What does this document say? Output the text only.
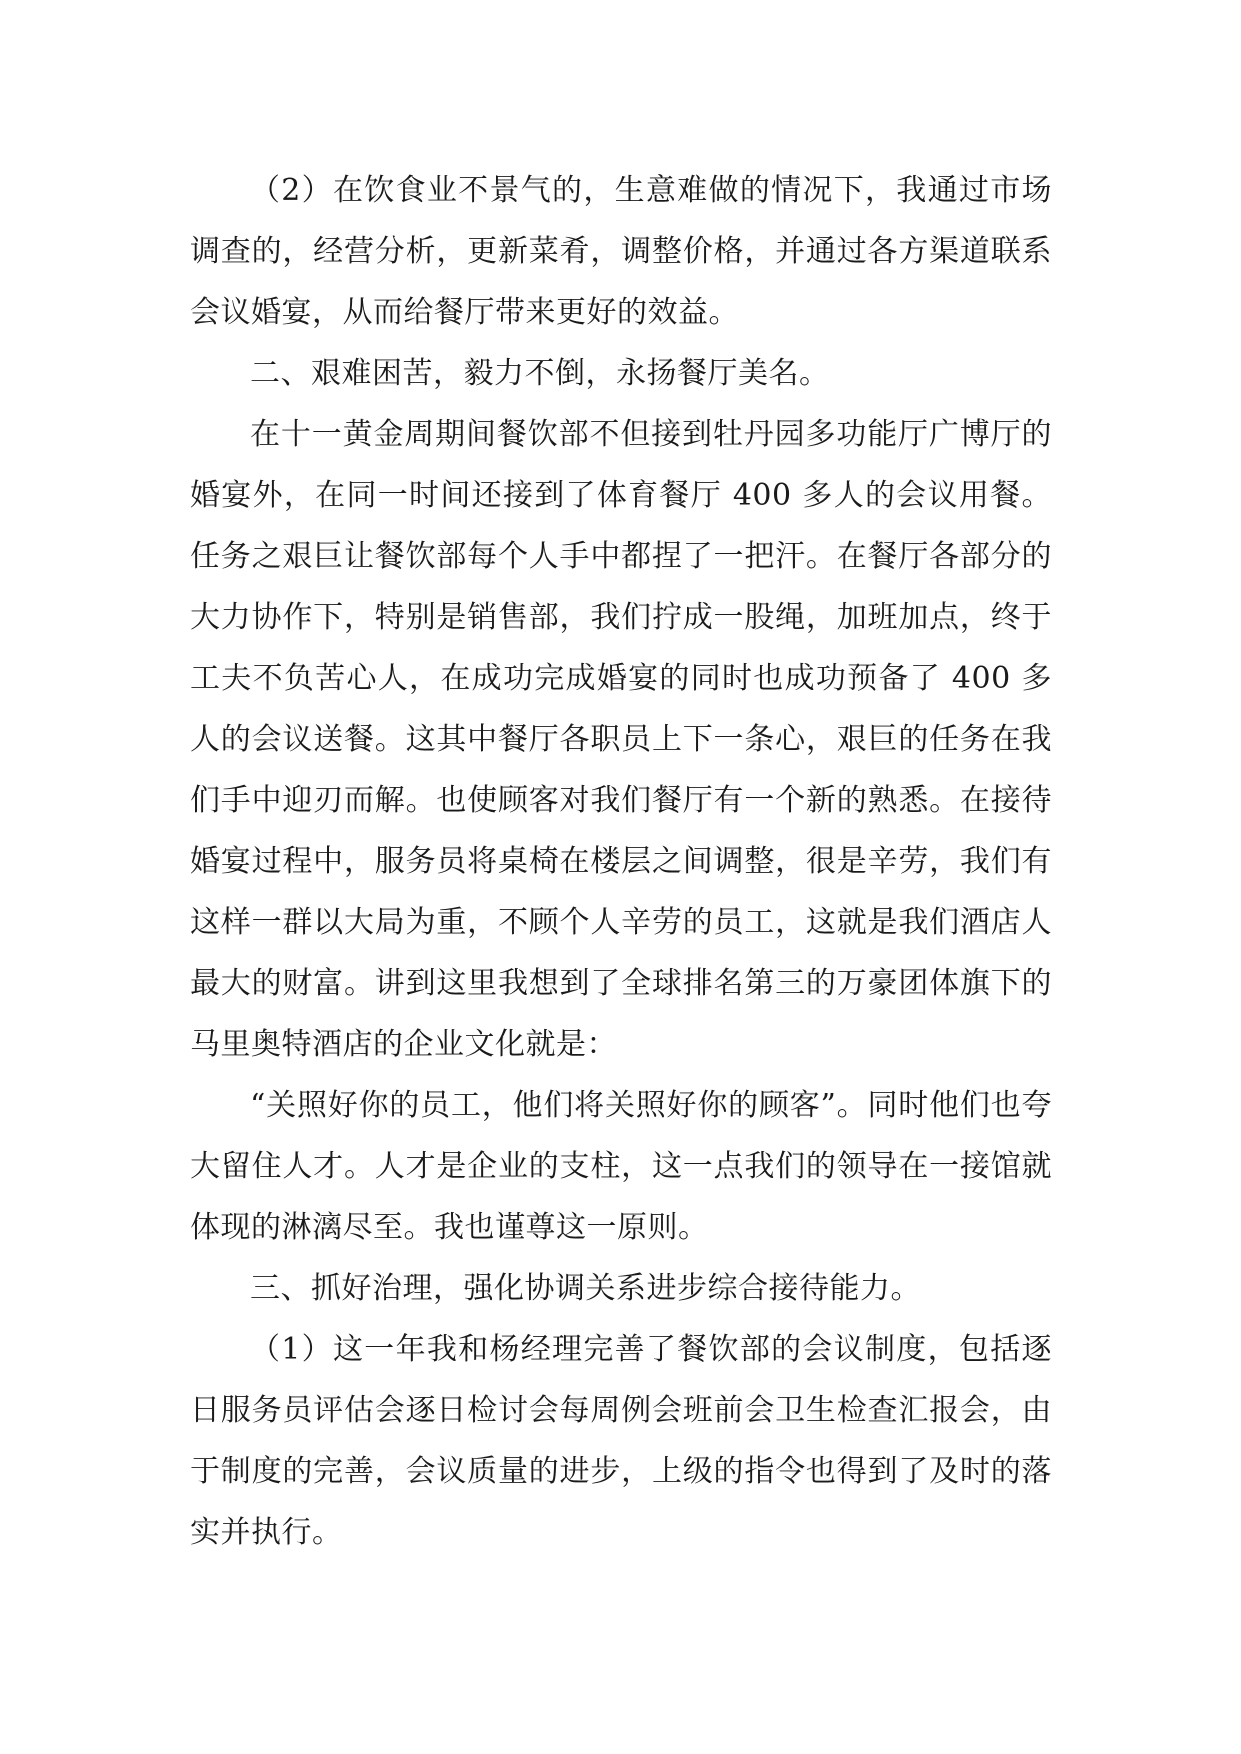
（2）在饮食业不景气的，生意难做的情况下，我通过市场调查的，经营分析，更新菜肴，调整价格，并通过各方渠道联系会议婚宴，从而给餐厅带来更好的效益。

二、艰难困苦，毅力不倒，永扬餐厅美名。

在十一黄金周期间餐饮部不但接到牡丹园多功能厅广博厅的婚宴外，在同一时间还接到了体育餐厅 400 多人的会议用餐。任务之艰巨让餐饮部每个人手中都捏了一把汗。在餐厅各部分的大力协作下，特别是销售部，我们拧成一股绳，加班加点，终于工夫不负苦心人，在成功完成婚宴的同时也成功预备了 400 多人的会议送餐。这其中餐厅各职员上下一条心，艰巨的任务在我们手中迎刃而解。也使顾客对我们餐厅有一个新的熟悉。在接待婚宴过程中，服务员将桌椅在楼层之间调整，很是辛劳，我们有这样一群以大局为重，不顾个人辛劳的员工，这就是我们酒店人最大的财富。讲到这里我想到了全球排名第三的万豪团体旗下的马里奥特酒店的企业文化就是：

“关照好你的员工，他们将关照好你的顾客”。同时他们也夸大留住人才。人才是企业的支柱，这一点我们的领导在一接馆就体现的淋漓尽至。我也谨尊这一原则。

三、抓好治理，强化协调关系进步综合接待能力。

（1）这一年我和杨经理完善了餐饮部的会议制度，包括逐日服务员评估会逐日检讨会每周例会班前会卫生检查汇报会，由于制度的完善，会议质量的进步，上级的指令也得到了及时的落实并执行。
